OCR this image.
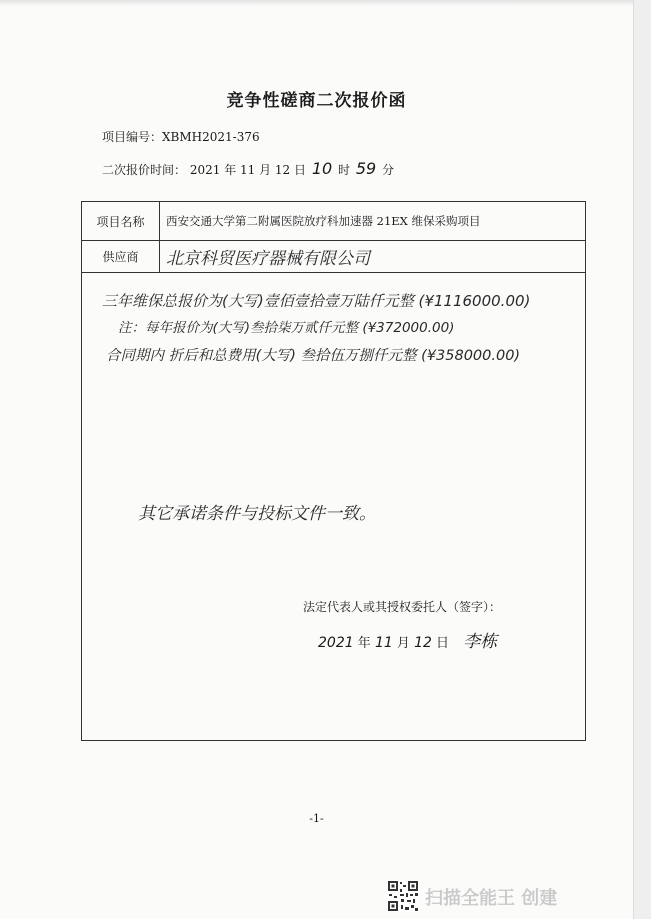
竞争性磋商二次报价函
项目编号：XBMH2021-376
二次报价时间： 2021 年 11 月 12 日 10 时 59 分
项目名称	西安交通大学第二附属医院放疗科加速器 21EX 维保采购项目
供应商	北京科贸医疗器械有限公司
三年维保总报价为(大写)壹佰壹拾壹万陆仟元整 (¥1116000.00)
注：每年报价为(大写)叁拾柒万贰仟元整 (¥372000.00)
合同期内 折后和总费用(大写) 叁拾伍万捌仟元整 (¥358000.00)
其它承诺条件与投标文件一致。
法定代表人或其授权委托人（签字）：
2021 年 11 月 12 日 李栋
-1-
扫描全能王 创建
